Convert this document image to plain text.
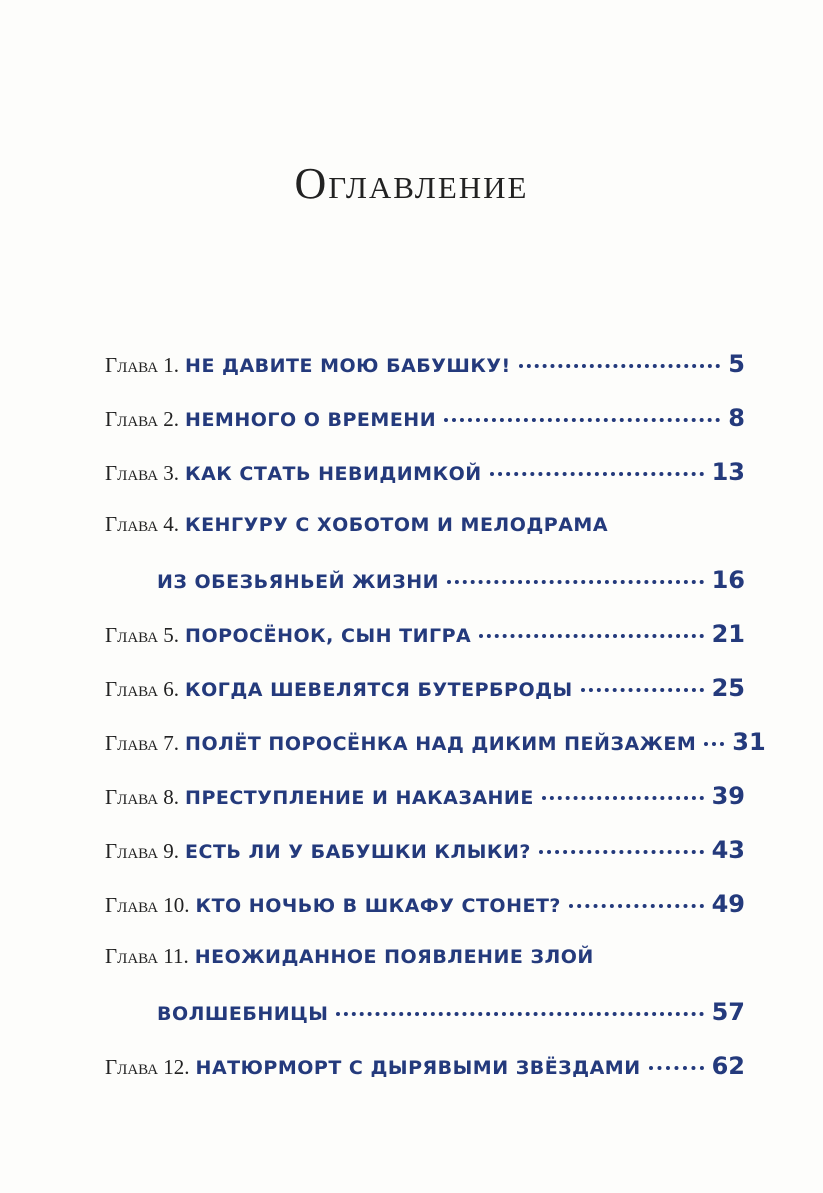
Оглавление
Глава 1. НЕ ДАВИТЕ МОЮ БАБУШКУ!	5
Глава 2. НЕМНОГО О ВРЕМЕНИ	8
Глава 3. КАК СТАТЬ НЕВИДИМКОЙ	13
Глава 4. КЕНГУРУ С ХОБОТОМ И МЕЛОДРАМА
ИЗ ОБЕЗЬЯНЬЕЙ ЖИЗНИ	16
Глава 5. ПОРОСЁНОК, СЫН ТИГРА	21
Глава 6. КОГДА ШЕВЕЛЯТСЯ БУТЕРБРОДЫ	25
Глава 7. ПОЛЁТ ПОРОСЁНКА НАД ДИКИМ ПЕЙЗАЖЕМ 31
Глава 8. ПРЕСТУПЛЕНИЕ И НАКАЗАНИЕ	39
Глава 9. ЕСТЬ ЛИ У БАБУШКИ КЛЫКИ?	43
Глава 10. КТО НОЧЬЮ В ШКАФУ СТОНЕТ?	49
Глава 11. НЕОЖИДАННОЕ ПОЯВЛЕНИЕ ЗЛОЙ
ВОЛШЕБНИЦЫ	57
Глава 12. НАТЮРМОРТ С ДЫРЯВЫМИ ЗВЁЗДАМИ	62
